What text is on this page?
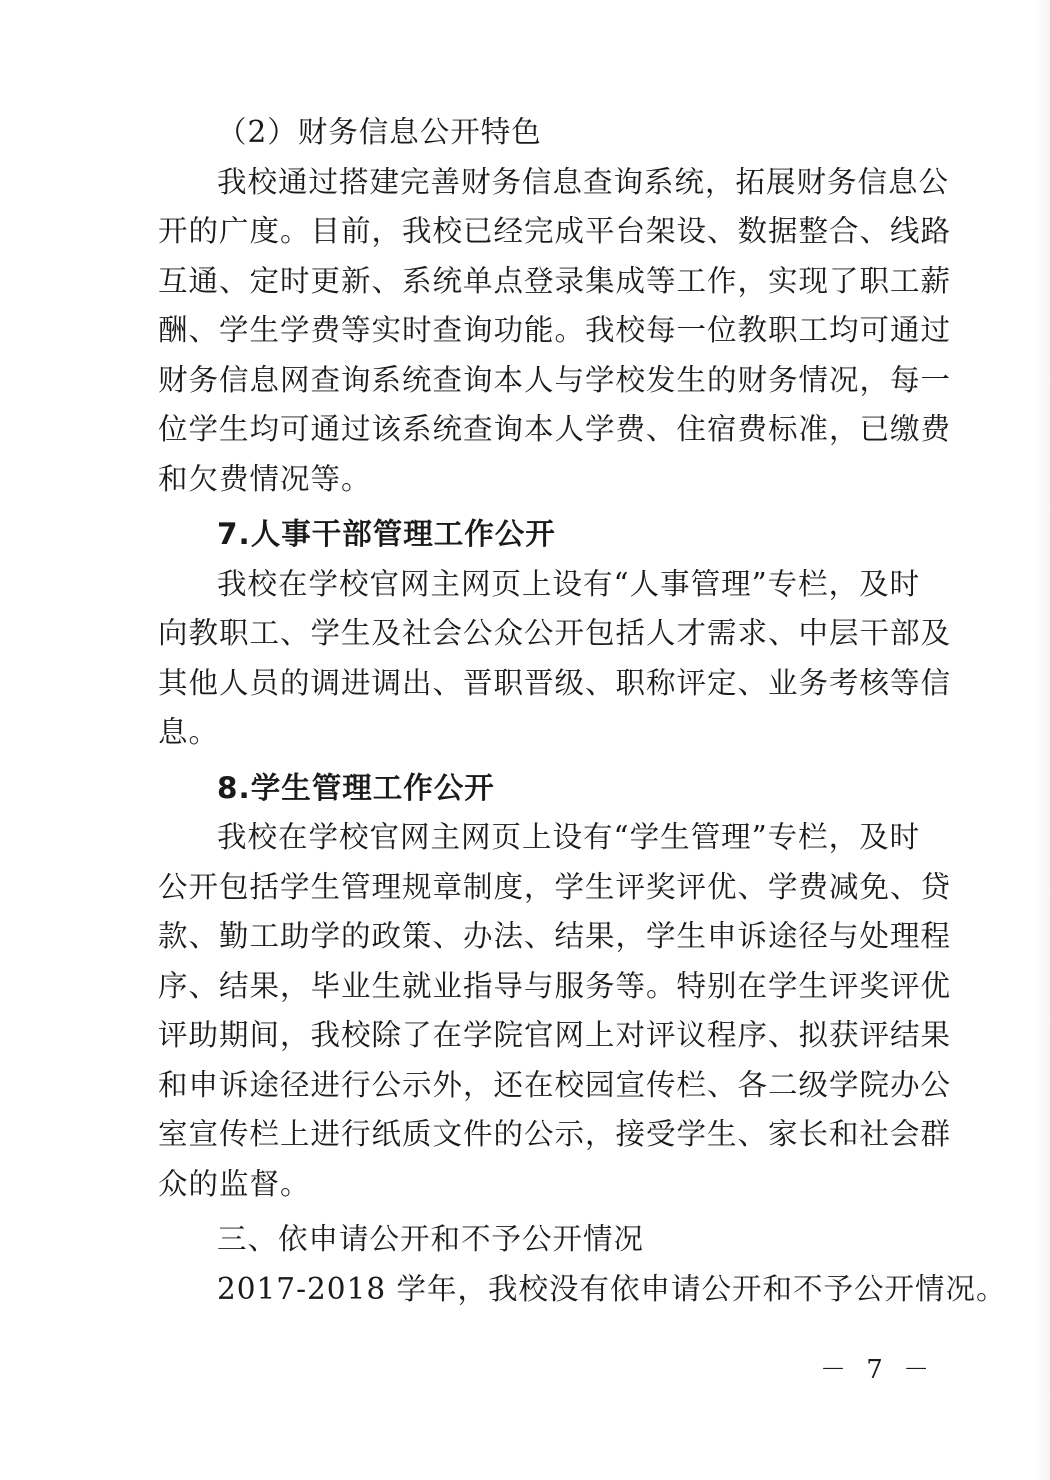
（2）财务信息公开特色
我校通过搭建完善财务信息查询系统，拓展财务信息公
开的广度。目前，我校已经完成平台架设、数据整合、线路
互通、定时更新、系统单点登录集成等工作，实现了职工薪
酬、学生学费等实时查询功能。我校每一位教职工均可通过
财务信息网查询系统查询本人与学校发生的财务情况，每一
位学生均可通过该系统查询本人学费、住宿费标准，已缴费
和欠费情况等。
7.人事干部管理工作公开
我校在学校官网主网页上设有“人事管理”专栏，及时
向教职工、学生及社会公众公开包括人才需求、中层干部及
其他人员的调进调出、晋职晋级、职称评定、业务考核等信
息。
8.学生管理工作公开
我校在学校官网主网页上设有“学生管理”专栏，及时
公开包括学生管理规章制度，学生评奖评优、学费减免、贷
款、勤工助学的政策、办法、结果，学生申诉途径与处理程
序、结果，毕业生就业指导与服务等。特别在学生评奖评优
评助期间，我校除了在学院官网上对评议程序、拟获评结果
和申诉途径进行公示外，还在校园宣传栏、各二级学院办公
室宣传栏上进行纸质文件的公示，接受学生、家长和社会群
众的监督。
三、依申请公开和不予公开情况
2017-2018 学年，我校没有依申请公开和不予公开情况。
－ 7 －
